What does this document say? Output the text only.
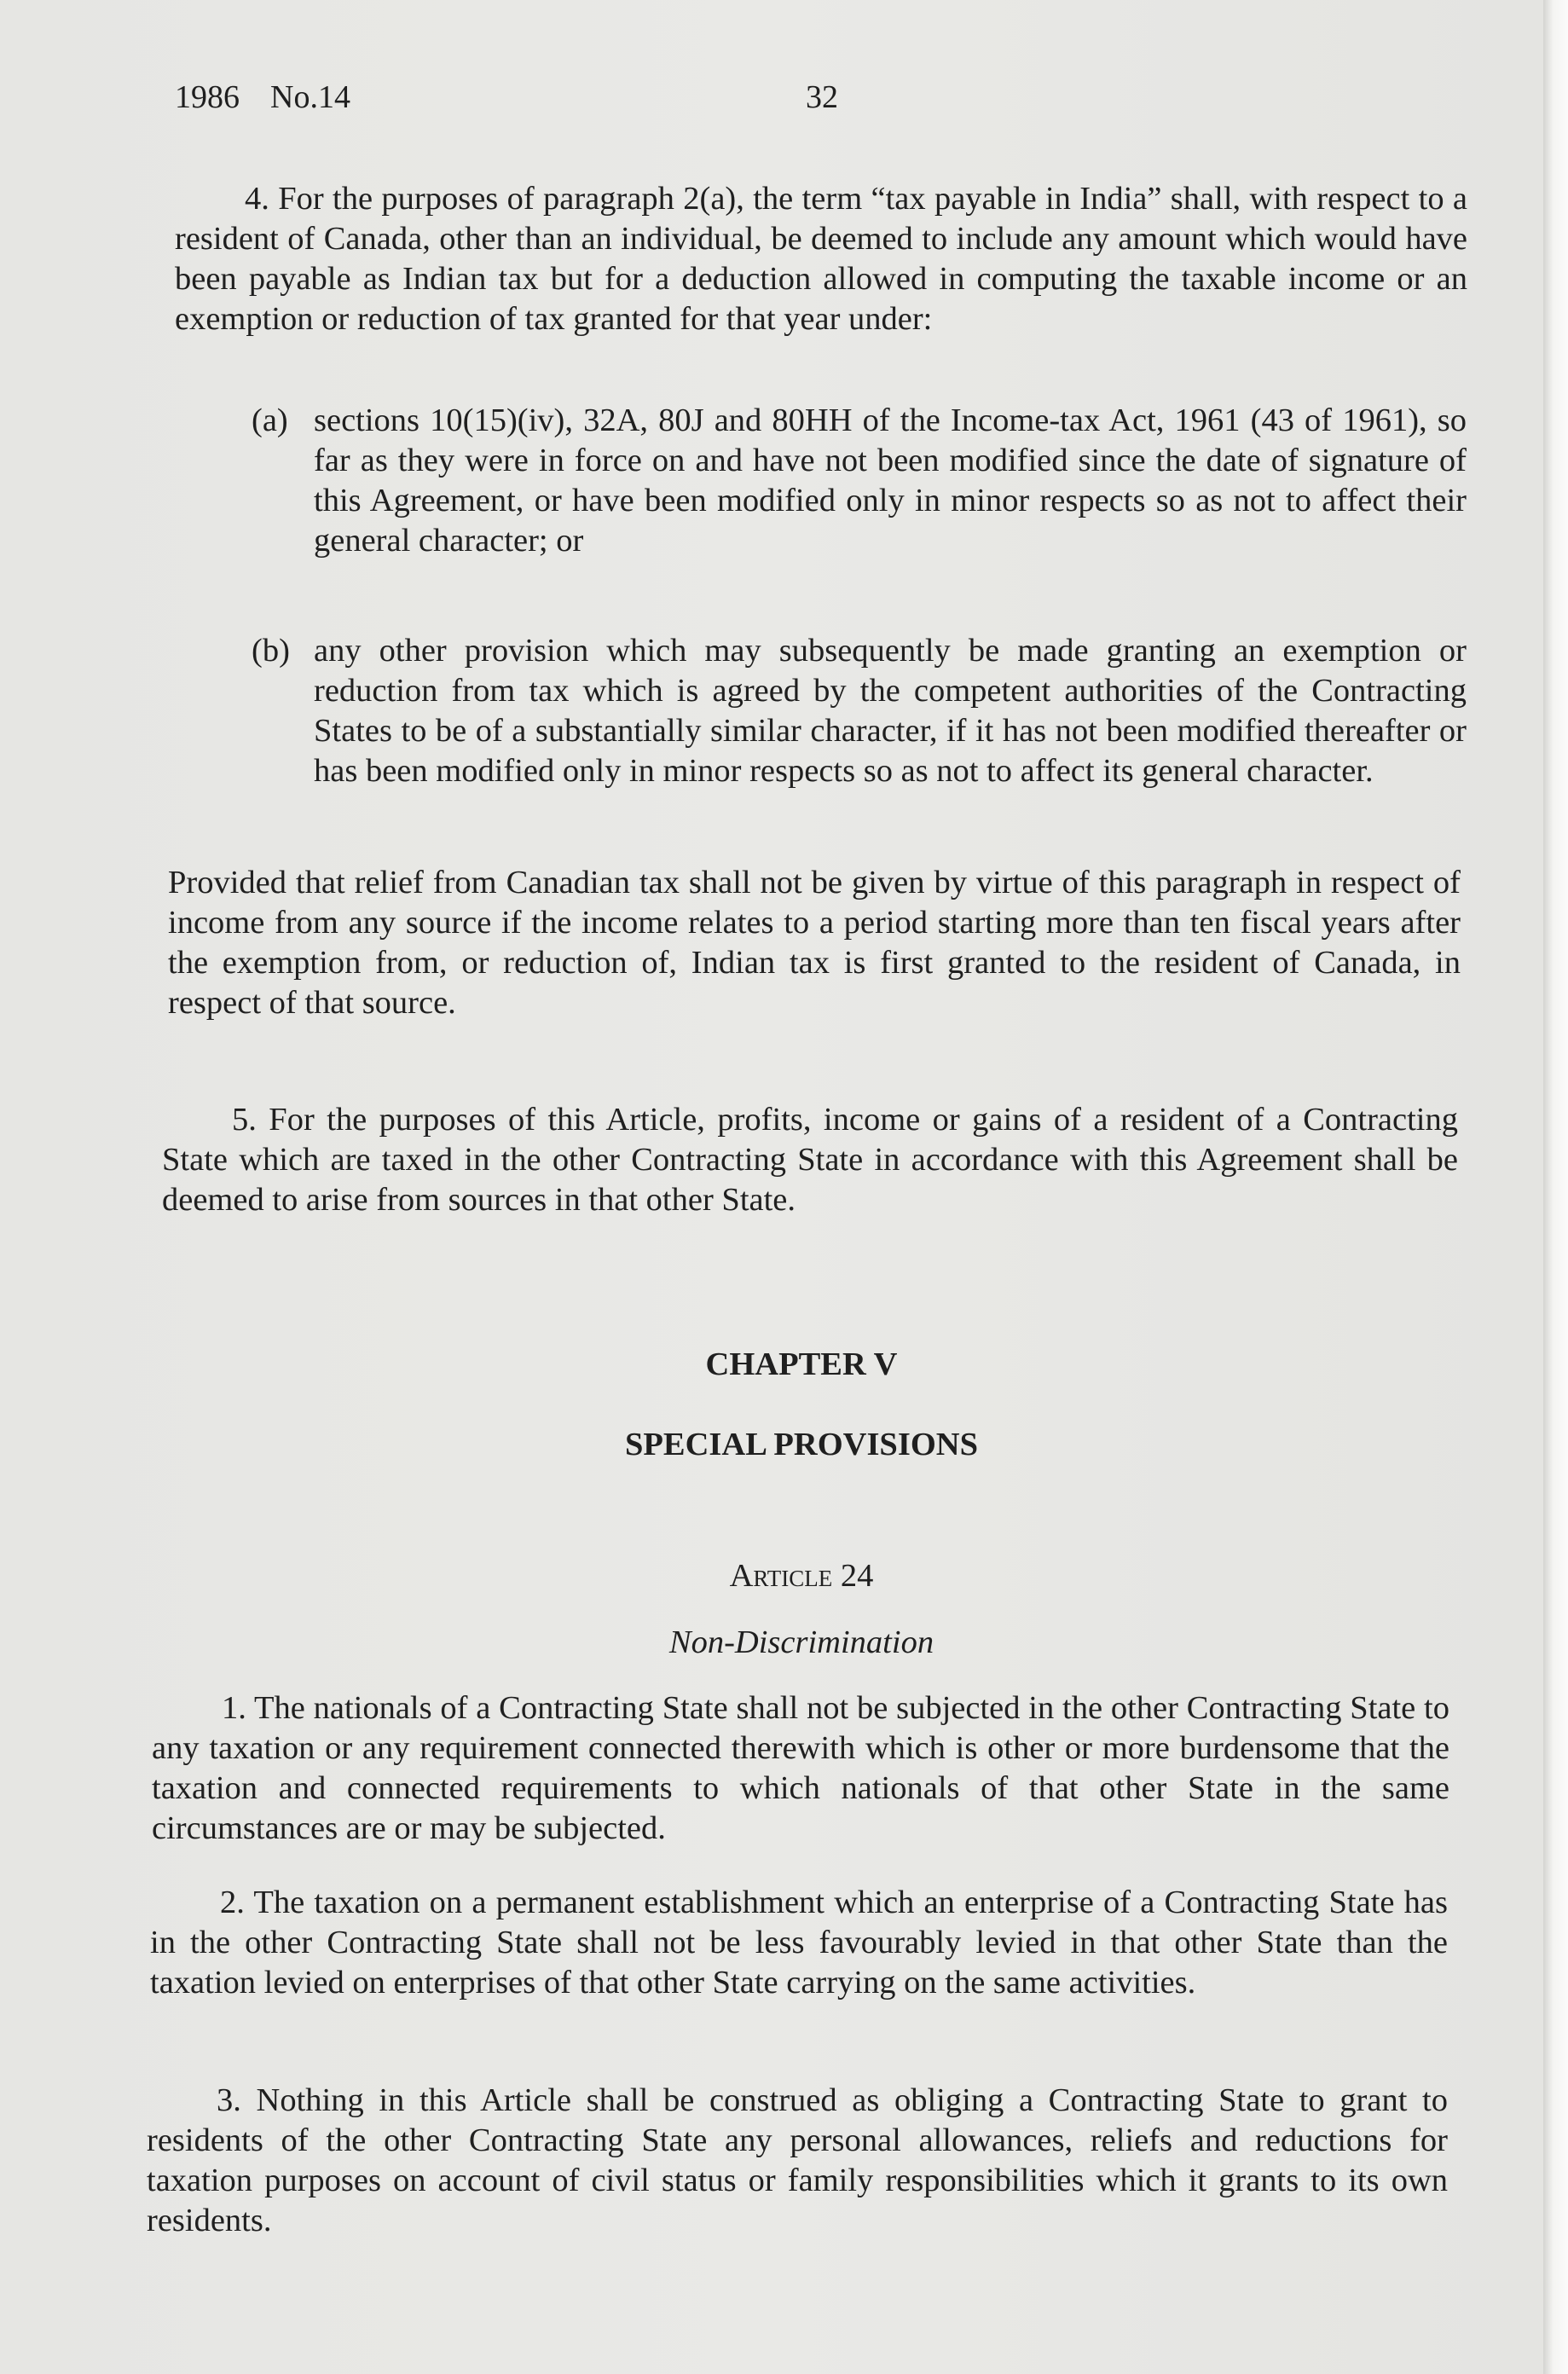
1986 No.14	32

4. For the purposes of paragraph 2(a), the term “tax payable in India” shall, with respect to a resident of Canada, other than an individual, be deemed to include any amount which would have been payable as Indian tax but for a deduction allowed in computing the taxable income or an exemption or reduction of tax granted for that year under:

(a) sections 10(15)(iv), 32A, 80J and 80HH of the Income-tax Act, 1961 (43 of 1961), so far as they were in force on and have not been modified since the date of signature of this Agreement, or have been modified only in minor respects so as not to affect their general character; or

(b) any other provision which may subsequently be made granting an exemption or reduction from tax which is agreed by the competent authorities of the Contracting States to be of a substantially similar character, if it has not been modified thereafter or has been modified only in minor respects so as not to affect its general character.

Provided that relief from Canadian tax shall not be given by virtue of this paragraph in respect of income from any source if the income relates to a period starting more than ten fiscal years after the exemption from, or reduction of, Indian tax is first granted to the resident of Canada, in respect of that source.

5. For the purposes of this Article, profits, income or gains of a resident of a Contracting State which are taxed in the other Contracting State in accordance with this Agreement shall be deemed to arise from sources in that other State.

CHAPTER V
SPECIAL PROVISIONS
Article 24
Non-Discrimination

1. The nationals of a Contracting State shall not be subjected in the other Contracting State to any taxation or any requirement connected therewith which is other or more burdensome that the taxation and connected requirements to which nationals of that other State in the same circumstances are or may be subjected.

2. The taxation on a permanent establishment which an enterprise of a Contracting State has in the other Contracting State shall not be less favourably levied in that other State than the taxation levied on enterprises of that other State carrying on the same activities.

3. Nothing in this Article shall be construed as obliging a Contracting State to grant to residents of the other Contracting State any personal allowances, reliefs and reductions for taxation purposes on account of civil status or family responsibilities which it grants to its own residents.
